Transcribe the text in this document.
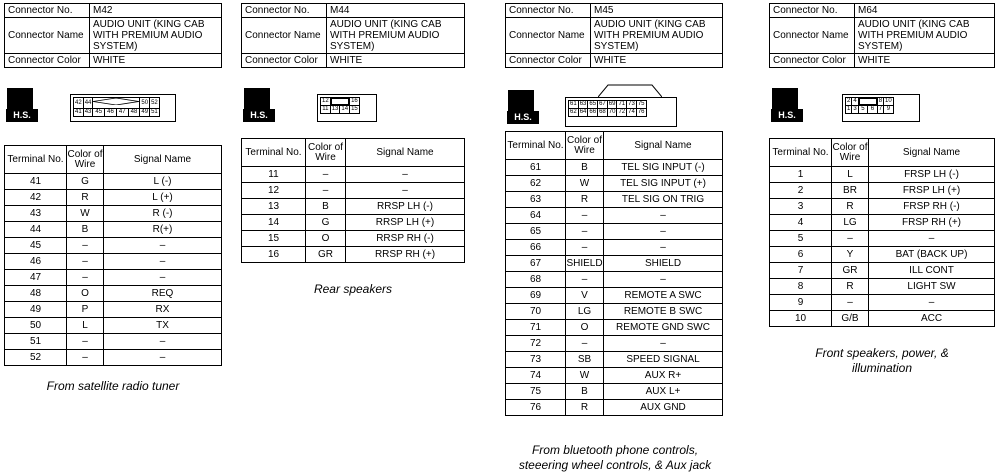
Connector No.	M42
Connector Name	AUDIO UNIT (KING CAB WITH PREMIUM AUDIO SYSTEM)
Connector Color	WHITE
H.S.
42	44					50	52
41	43	45	46	47	48	49	51
Terminal No.	Color of Wire	Signal Name
41	G	L (-)
42	R	L (+)
43	W	R (-)
44	B	R(+)
45	–	–
46	–	–
47	–	–
48	O	REQ
49	P	RX
50	L	TX
51	–	–
52	–	–
From satellite radio tuner
Connector No.	M44
Connector Name	AUDIO UNIT (KING CAB WITH PREMIUM AUDIO SYSTEM)
Connector Color	WHITE
H.S.
12			16
11	13	14	15
Terminal No.	Color of Wire	Signal Name
11	–	–
12	–	–
13	B	RRSP LH (-)
14	G	RRSP LH (+)
15	O	RRSP RH (-)
16	GR	RRSP RH (+)
Rear speakers
Connector No.	M45
Connector Name	AUDIO UNIT (KING CAB WITH PREMIUM AUDIO SYSTEM)
Connector Color	WHITE
H.S.
61	63	65	67	69	71	73	75
62	64	66	68	70	72	74	76
Terminal No.	Color of Wire	Signal Name
61	B	TEL SIG INPUT (-)
62	W	TEL SIG INPUT (+)
63	R	TEL SIG ON TRIG
64	–	–
65	–	–
66	–	–
67	SHIELD	SHIELD
68	–	–
69	V	REMOTE A SWC
70	LG	REMOTE B SWC
71	O	REMOTE GND SWC
72	–	–
73	SB	SPEED SIGNAL
74	W	AUX R+
75	B	AUX L+
76	R	AUX GND
From bluetooth phone controls,
steeering wheel controls, & Aux jack
Connector No.	M64
Connector Name	AUDIO UNIT (KING CAB WITH PREMIUM AUDIO SYSTEM)
Connector Color	WHITE
H.S.
2	4			8	10
1	3	5	6	7	9
Terminal No.	Color of Wire	Signal Name
1	L	FRSP LH (-)
2	BR	FRSP LH (+)
3	R	FRSP RH (-)
4	LG	FRSP RH (+)
5	–	–
6	Y	BAT (BACK UP)
7	GR	ILL CONT
8	R	LIGHT SW
9	–	–
10	G/B	ACC
Front speakers, power, &
illumination
